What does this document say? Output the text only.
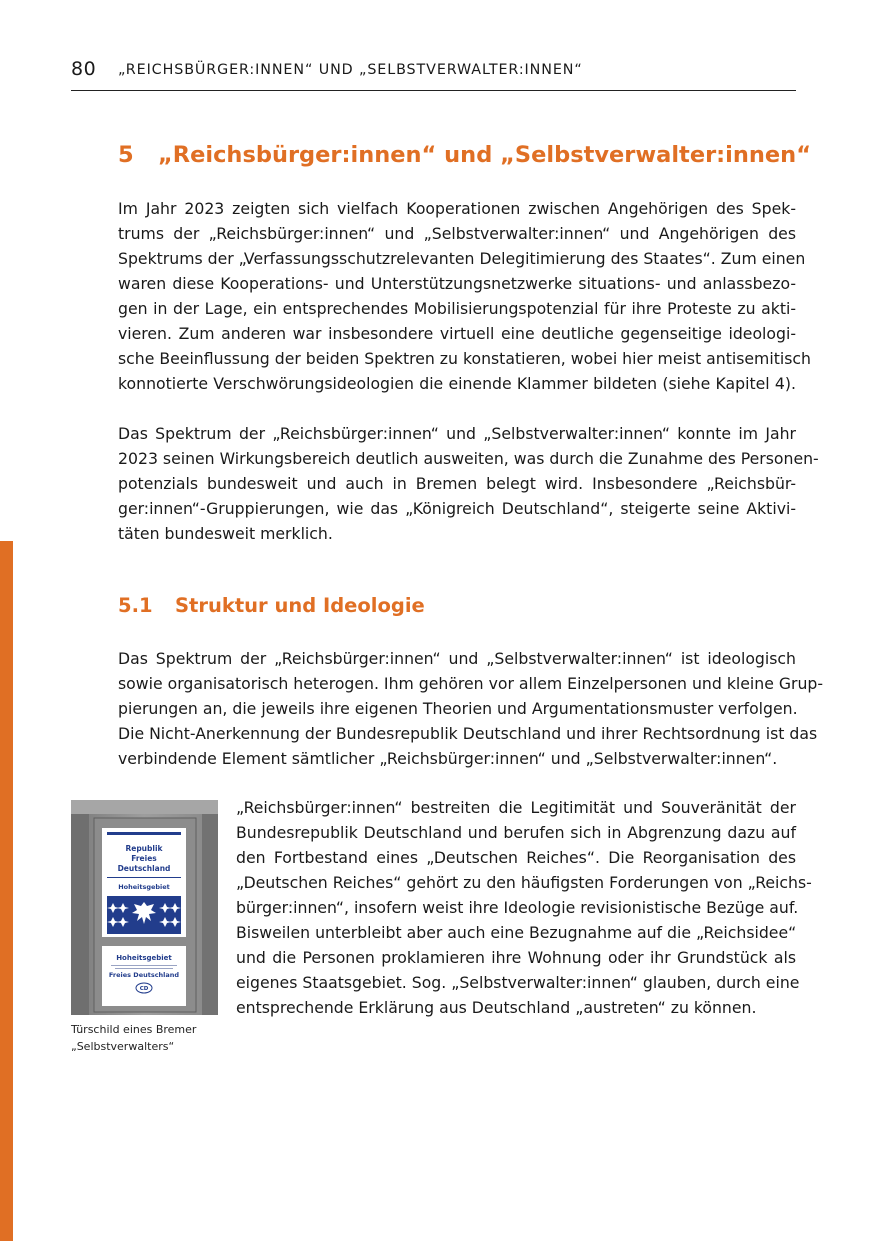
80 „REICHSBÜRGER:INNEN“ UND „SELBSTVERWALTER:INNEN“
5 „Reichsbürger:innen“ und „Selbstverwalter:innen“
Im Jahr 2023 zeigten sich vielfach Kooperationen zwischen Angehörigen des Spek-
trums der „Reichsbürger:innen“ und „Selbstverwalter:innen“ und Angehörigen des
Spektrums der „Verfassungsschutzrelevanten Delegitimierung des Staates“. Zum einen
waren diese Kooperations- und Unterstützungsnetzwerke situations- und anlassbezo-
gen in der Lage, ein entsprechendes Mobilisierungspotenzial für ihre Proteste zu akti-
vieren. Zum anderen war insbesondere virtuell eine deutliche gegenseitige ideologi-
sche Beeinflussung der beiden Spektren zu konstatieren, wobei hier meist antisemitisch
konnotierte Verschwörungsideologien die einende Klammer bildeten (siehe Kapitel 4).
Das Spektrum der „Reichsbürger:innen“ und „Selbstverwalter:innen“ konnte im Jahr
2023 seinen Wirkungsbereich deutlich ausweiten, was durch die Zunahme des Personen-
potenzials bundesweit und auch in Bremen belegt wird. Insbesondere „Reichsbür-
ger:innen“-Gruppierungen, wie das „Königreich Deutschland“, steigerte seine Aktivi-
täten bundesweit merklich.
5.1 Struktur und Ideologie
Das Spektrum der „Reichsbürger:innen“ und „Selbstverwalter:innen“ ist ideologisch
sowie organisatorisch heterogen. Ihm gehören vor allem Einzelpersonen und kleine Grup-
pierungen an, die jeweils ihre eigenen Theorien und Argumentationsmuster verfolgen.
Die Nicht-Anerkennung der Bundesrepublik Deutschland und ihrer Rechtsordnung ist das
verbindende Element sämtlicher „Reichsbürger:innen“ und „Selbstverwalter:innen“.
„Reichsbürger:innen“ bestreiten die Legitimität und Souveränität der
Bundesrepublik Deutschland und berufen sich in Abgrenzung dazu auf
den Fortbestand eines „Deutschen Reiches“. Die Reorganisation des
„Deutschen Reiches“ gehört zu den häufigsten Forderungen von „Reichs-
bürger:innen“, insofern weist ihre Ideologie revisionistische Bezüge auf.
Bisweilen unterbleibt aber auch eine Bezugnahme auf die „Reichsidee“
und die Personen proklamieren ihre Wohnung oder ihr Grundstück als
eigenes Staatsgebiet. Sog. „Selbstverwalter:innen“ glauben, durch eine
entsprechende Erklärung aus Deutschland „austreten“ zu können.
Republik
Freies
Deutschland
Hoheitsgebiet
Hoheitsgebiet
Freies Deutschland
CD
Türschild eines Bremer
„Selbstverwalters“
